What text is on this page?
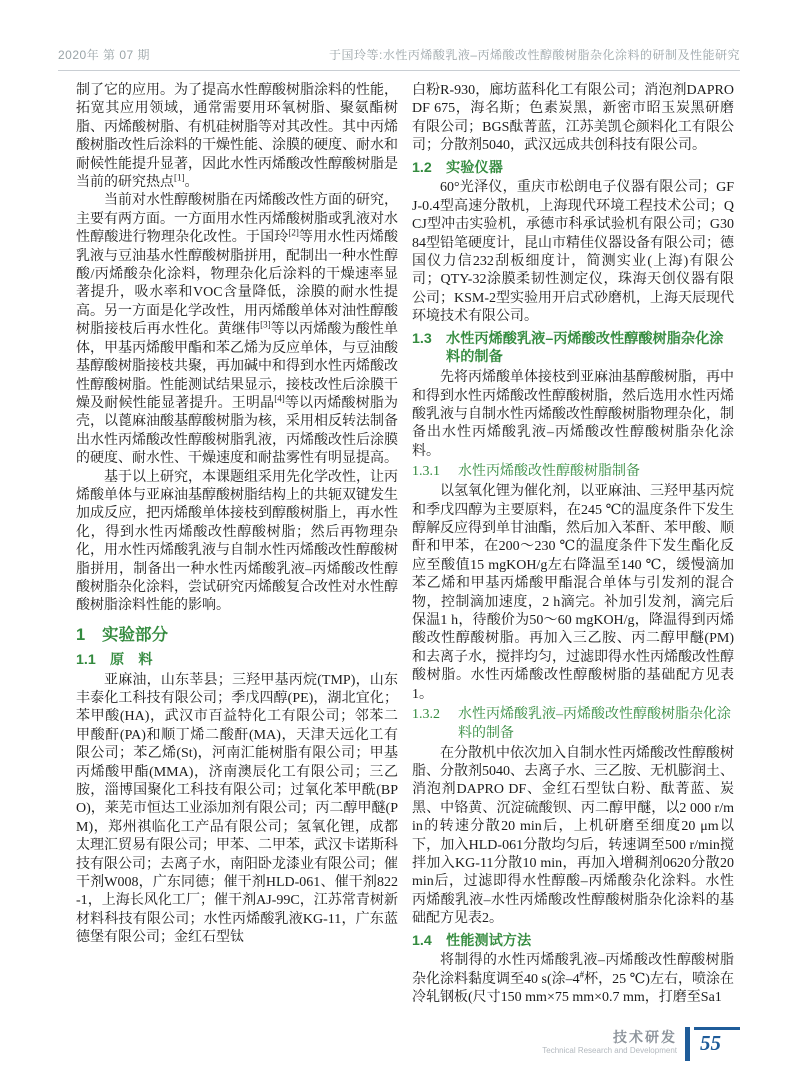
2020年 第 07 期	于国玲等:水性丙烯酸乳液–丙烯酸改性醇酸树脂杂化涂料的研制及性能研究

制了它的应用。为了提高水性醇酸树脂涂料的性能，拓宽其应用领域，通常需要用环氧树脂、聚氨酯树脂、丙烯酸树脂、有机硅树脂等对其改性。其中丙烯酸树脂改性后涂料的干燥性能、涂膜的硬度、耐水和耐候性能提升显著，因此水性丙烯酸改性醇酸树脂是当前的研究热点[1]。

当前对水性醇酸树脂在丙烯酸改性方面的研究，主要有两方面。一方面用水性丙烯酸树脂或乳液对水性醇酸进行物理杂化改性。于国玲[2]等用水性丙烯酸乳液与豆油基水性醇酸树脂拼用，配制出一种水性醇酸/丙烯酸杂化涂料，物理杂化后涂料的干燥速率显著提升，吸水率和VOC含量降低，涂膜的耐水性提高。另一方面是化学改性，用丙烯酸单体对油性醇酸树脂接枝后再水性化。黄继伟[3]等以丙烯酸为酸性单体，甲基丙烯酸甲酯和苯乙烯为反应单体，与豆油酸基醇酸树脂接枝共聚，再加碱中和得到水性丙烯酸改性醇酸树脂。性能测试结果显示，接枝改性后涂膜干燥及耐候性能显著提升。王明晶[4]等以丙烯酸树脂为壳，以蓖麻油酸基醇酸树脂为核，采用相反转法制备出水性丙烯酸改性醇酸树脂乳液，丙烯酸改性后涂膜的硬度、耐水性、干燥速度和耐盐雾性有明显提高。

基于以上研究，本课题组采用先化学改性，让丙烯酸单体与亚麻油基醇酸树脂结构上的共轭双键发生加成反应，把丙烯酸单体接枝到醇酸树脂上，再水性化，得到水性丙烯酸改性醇酸树脂；然后再物理杂化，用水性丙烯酸乳液与自制水性丙烯酸改性醇酸树脂拼用，制备出一种水性丙烯酸乳液–丙烯酸改性醇酸树脂杂化涂料，尝试研究丙烯酸复合改性对水性醇酸树脂涂料性能的影响。

1	实验部分
1.1	原　料

亚麻油，山东莘县；三羟甲基丙烷(TMP)，山东丰泰化工科技有限公司；季戊四醇(PE)，湖北宜化；苯甲酸(HA)，武汉市百益特化工有限公司；邻苯二甲酸酐(PA)和顺丁烯二酸酐(MA)，天津天远化工有限公司；苯乙烯(St)，河南汇能树脂有限公司；甲基丙烯酸甲酯(MMA)，济南澳辰化工有限公司；三乙胺，淄博国聚化工科技有限公司；过氧化苯甲酰(BPO)，莱芜市恒达工业添加剂有限公司；丙二醇甲醚(PM)，郑州祺临化工产品有限公司；氢氧化锂，成都太理汇贸易有限公司；甲苯、二甲苯，武汉卡诺斯科技有限公司；去离子水，南阳卧龙漆业有限公司；催干剂W008，广东同德；催干剂HLD-061、催干剂822-1，上海长风化工厂；催干剂AJ-99C，江苏常青树新材料科技有限公司；水性丙烯酸乳液KG-11，广东蓝德堡有限公司；金红石型钛

白粉R-930，廊坊蓝科化工有限公司；消泡剂DAPRO DF 675，海名斯；色素炭黑，新密市昭玉炭黑研磨有限公司；BGS酞菁蓝，江苏美凯仑颜料化工有限公司；分散剂5040，武汉远成共创科技有限公司。

1.2	实验仪器

60°光泽仪，重庆市松朗电子仪器有限公司；GFJ-0.4型高速分散机，上海现代环境工程技术公司；QCJ型冲击实验机，承德市科承试验机有限公司；G3084型铅笔硬度计，昆山市精佳仪器设备有限公司；德国仪力信232刮板细度计，简测实业(上海)有限公司；QTY-32涂膜柔韧性测定仪，珠海天创仪器有限公司；KSM-2型实验用开启式砂磨机，上海天辰现代环境技术有限公司。

1.3	水性丙烯酸乳液–丙烯酸改性醇酸树脂杂化涂料的制备

先将丙烯酸单体接枝到亚麻油基醇酸树脂，再中和得到水性丙烯酸改性醇酸树脂，然后选用水性丙烯酸乳液与自制水性丙烯酸改性醇酸树脂物理杂化，制备出水性丙烯酸乳液–丙烯酸改性醇酸树脂杂化涂料。

1.3.1	水性丙烯酸改性醇酸树脂制备

以氢氧化锂为催化剂，以亚麻油、三羟甲基丙烷和季戊四醇为主要原料，在245 ℃的温度条件下发生醇解反应得到单甘油酯，然后加入苯酐、苯甲酸、顺酐和甲苯，在200～230 ℃的温度条件下发生酯化反应至酸值15 mgKOH/g左右降温至140 ℃，缓慢滴加苯乙烯和甲基丙烯酸甲酯混合单体与引发剂的混合物，控制滴加速度，2 h滴完。补加引发剂，滴完后保温1 h，待酸价为50～60 mgKOH/g，降温得到丙烯酸改性醇酸树脂。再加入三乙胺、丙二醇甲醚(PM)和去离子水，搅拌均匀，过滤即得水性丙烯酸改性醇酸树脂。水性丙烯酸改性醇酸树脂的基础配方见表1。

1.3.2	水性丙烯酸乳液–丙烯酸改性醇酸树脂杂化涂料的制备

在分散机中依次加入自制水性丙烯酸改性醇酸树脂、分散剂5040、去离子水、三乙胺、无机膨润土、消泡剂DAPRO DF、金红石型钛白粉、酞菁蓝、炭黑、中铬黄、沉淀硫酸钡、丙二醇甲醚，以2 000 r/min的转速分散20 min后，上机研磨至细度20 μm以下，加入HLD-061分散均匀后，转速调至500 r/min搅拌加入KG-11分散10 min，再加入增稠剂0620分散20 min后，过滤即得水性醇酸–丙烯酸杂化涂料。水性丙烯酸乳液–水性丙烯酸改性醇酸树脂杂化涂料的基础配方见表2。

1.4	性能测试方法

将制得的水性丙烯酸乳液–丙烯酸改性醇酸树脂杂化涂料黏度调至40 s(涂–4#杯，25 ℃)左右，喷涂在冷轧钢板(尺寸150 mm×75 mm×0.7 mm，打磨至Sa1

技术研发
Technical Research and Development 55
